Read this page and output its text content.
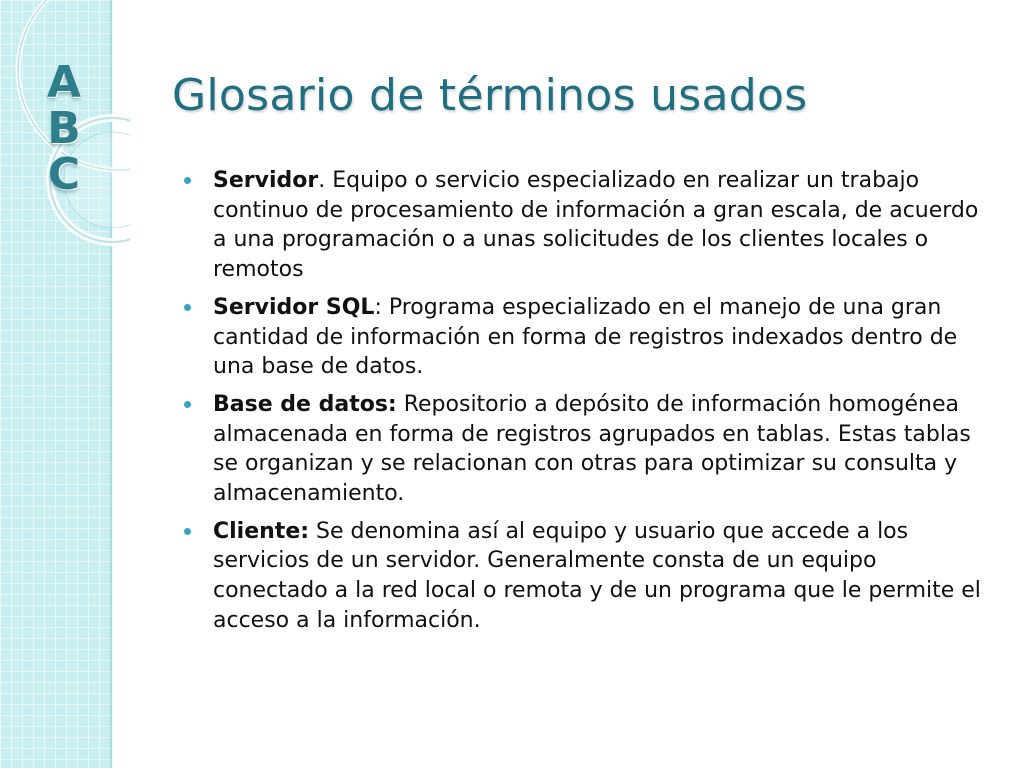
A
B
C
Glosario de términos usados
Servidor. Equipo o servicio especializado en realizar un trabajo continuo de procesamiento de información a gran escala, de acuerdo a una programación o a unas solicitudes de los clientes locales o remotos
Servidor SQL: Programa especializado en el manejo de una gran cantidad de información en forma de registros indexados dentro de una base de datos.
Base de datos: Repositorio a depósito de información homogénea almacenada en forma de registros agrupados en tablas. Estas tablas se organizan y se relacionan con otras para optimizar su consulta y almacenamiento.
Cliente: Se denomina así al equipo y usuario que accede a los servicios de un servidor. Generalmente consta de un equipo conectado a la red local o remota y de un programa que le permite el acceso a la información.
